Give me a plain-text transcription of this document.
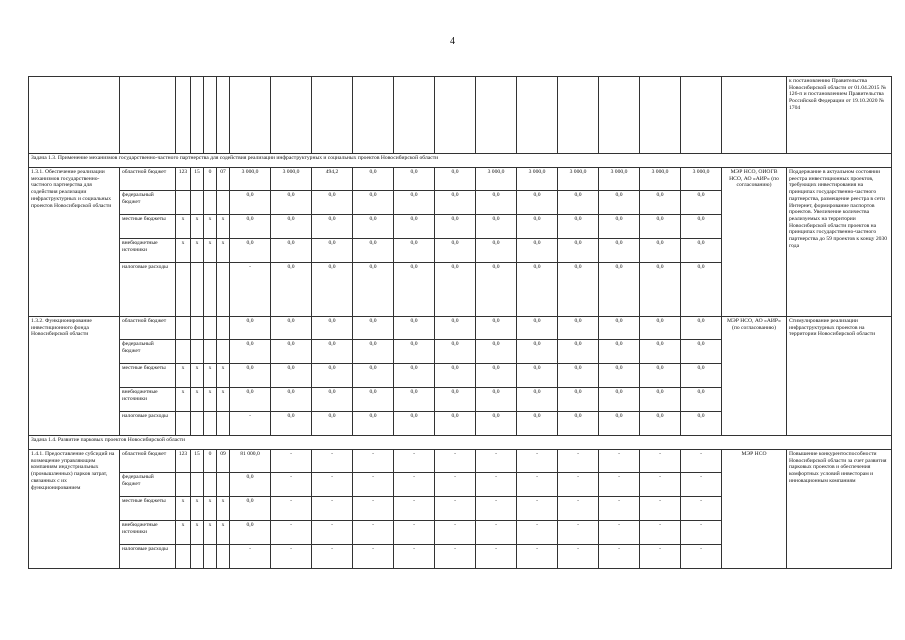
4
																			к постановлению Правительства Новосибирской области от 01.04.2015 № 126-п и постановлением Правительства Российской Федерации от 19.10.2020 № 1704
Задача 1.3. Применение механизмов государственно-частного партнерства для содействия реализации инфраструктурных и социальных проектов Новосибирской области																			
1.3.1. Обеспечение реализации механизмов государственно-частного партнерства для содействия реализации инфраструктурных и социальных проектов Новосибирской области	областной бюджет	123	15	0	07	3 000,0	3 000,0	494,2	0,0	0,0	0,0	3 000,0	3 000,0	3 000,0	3 000,0	3 000,0	3 000,0	МЭР НСО, ОИОГВ НСО, АО «АИР» (по согласованию)	Поддержание в актуальном состоянии реестра инвестиционных проектов, требующих инвестирования на принципах государственно-частного партнерства, размещение реестра в сети Интернет, формирование паспортов проектов. Увеличение количества реализуемых на территории Новосибирской области проектов на принципах государственно-частного партнерства до 59 проектов к концу 2030 года
	федеральный бюджет					0,0	0,0	0,0	0,0	0,0	0,0	0,0	0,0	0,0	0,0	0,0	0,0		
	местные бюджеты	x	x	x	x	0,0	0,0	0,0	0,0	0,0	0,0	0,0	0,0	0,0	0,0	0,0	0,0		
	внебюджетные источники	x	x	x	x	0,0	0,0	0,0	0,0	0,0	0,0	0,0	0,0	0,0	0,0	0,0	0,0		
	налоговые расходы					-	0,0	0,0	0,0	0,0	0,0	0,0	0,0	0,0	0,0	0,0	0,0		
1.3.2. Функционирование инвестиционного фонда Новосибирской области	областной бюджет					0,0	0,0	0,0	0,0	0,0	0,0	0,0	0,0	0,0	0,0	0,0	0,0	МЭР НСО, АО «АИР» (по согласованию)	Стимулирование реализации инфраструктурных проектов на территории Новосибирской области
	федеральный бюджет					0,0	0,0	0,0	0,0	0,0	0,0	0,0	0,0	0,0	0,0	0,0	0,0		
	местные бюджеты	x	x	x	x	0,0	0,0	0,0	0,0	0,0	0,0	0,0	0,0	0,0	0,0	0,0	0,0		
	внебюджетные источники	x	x	x	x	0,0	0,0	0,0	0,0	0,0	0,0	0,0	0,0	0,0	0,0	0,0	0,0		
	налоговые расходы					-	0,0	0,0	0,0	0,0	0,0	0,0	0,0	0,0	0,0	0,0	0,0		
Задача 1.4. Развитие парковых проектов Новосибирской области																			
1.4.1. Предоставление субсидий на возмещение управляющим компаниям индустриальных (промышленных) парков затрат, связанных с их функционированием	областной бюджет	123	15	0	09	81 000,0	-	-	-	-	-	-	-	-	-	-	-	МЭР НСО	Повышение конкурентоспособности Новосибирской области за счет развития парковых проектов и обеспечения комфортных условий инвесторам и инновационным компаниям
	федеральный бюджет					0,0	-	-	-	-	-	-	-	-	-	-	-		
	местные бюджеты	x	x	x	x	0,0	-	-	-	-	-	-	-	-	-	-	-		
	внебюджетные источники	x	x	x	x	0,0	-	-	-	-	-	-	-	-	-	-	-		
	налоговые расходы					-	-	-	-	-	-	-	-	-	-	-	-		
